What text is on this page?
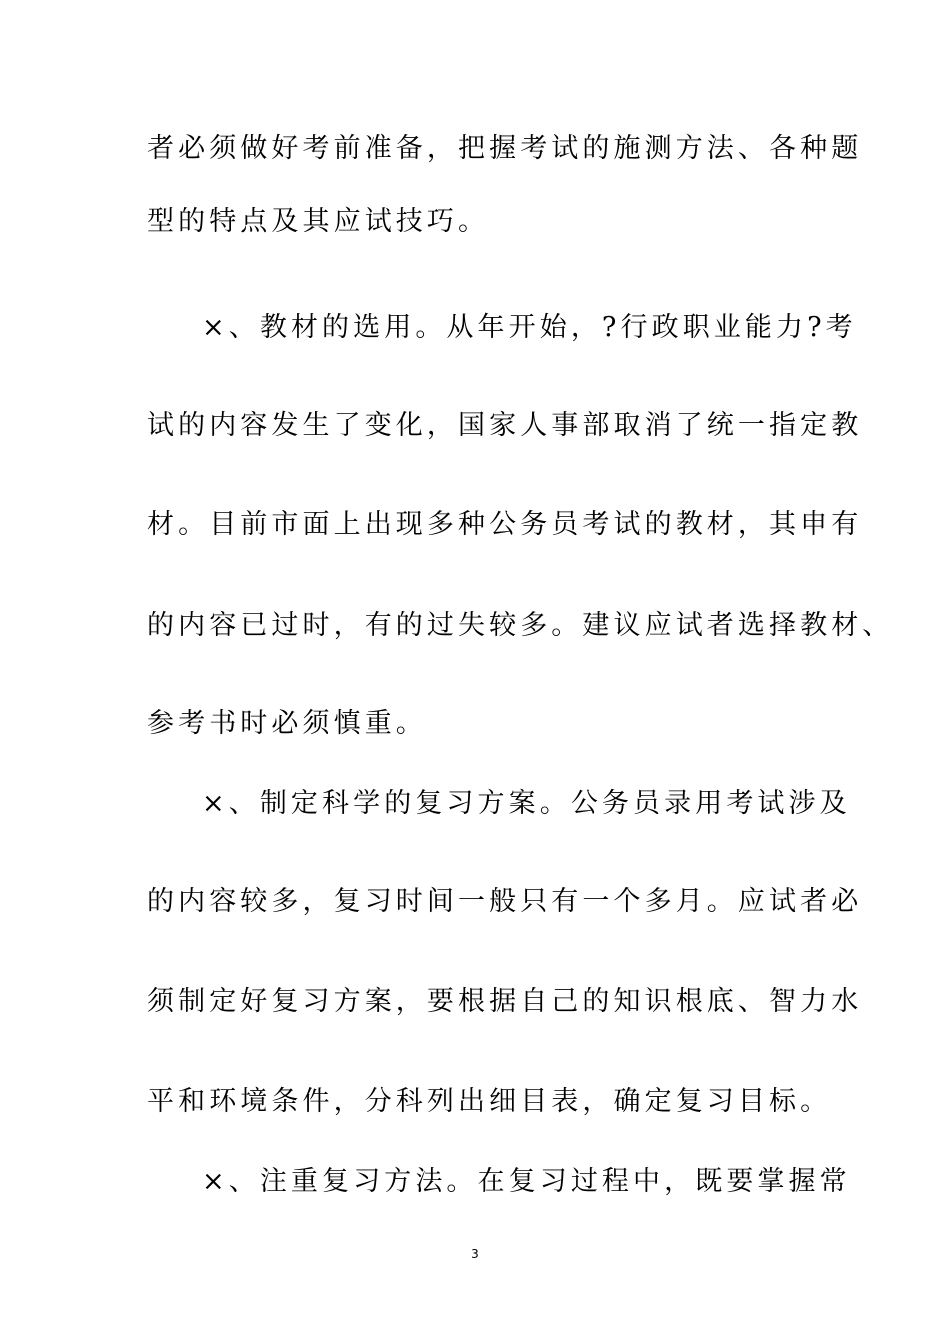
者必须做好考前准备，把握考试的施测方法、各种题

型的特点及其应试技巧。

×、教材的选用。从年开始，?行政职业能力?考

试的内容发生了变化，国家人事部取消了统一指定教

材。目前市面上出现多种公务员考试的教材，其申有

的内容已过时，有的过失较多。建议应试者选择教材、

参考书时必须慎重。

×、制定科学的复习方案。公务员录用考试涉及

的内容较多，复习时间一般只有一个多月。应试者必

须制定好复习方案，要根据自己的知识根底、智力水

平和环境条件，分科列出细目表，确定复习目标。

×、注重复习方法。在复习过程中，既要掌握常

3
